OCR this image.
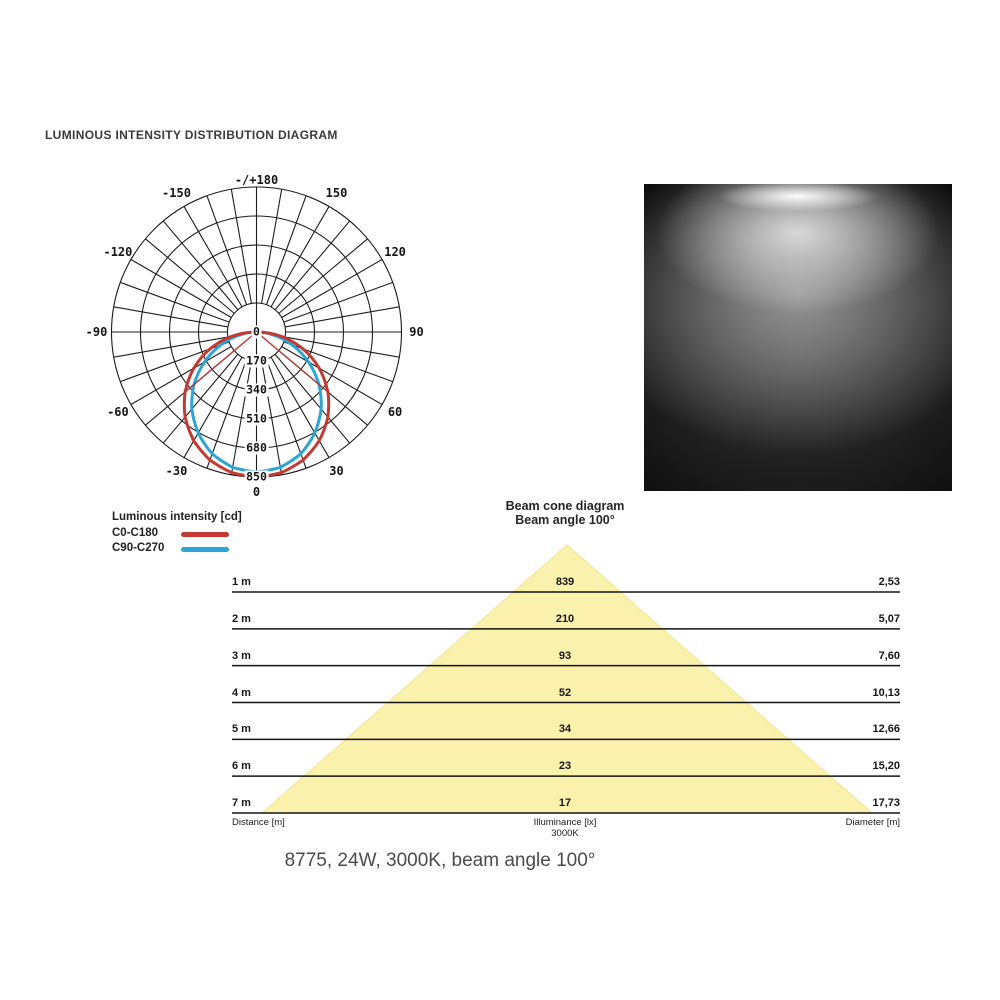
LUMINOUS INTENSITY DISTRIBUTION DIAGRAM
0
30
60
90
120
150
-/+180
-150
-120
-90
-60
-30
0
170
340
510
680
850
Luminous intensity [cd]
C0-C180
C90-C270
Beam cone diagram
Beam angle 100°
1 m	839	2,53
2 m	210	5,07
3 m	93	7,60
4 m	52	10,13
5 m	34	12,66
6 m	23	15,20
7 m	17	17,73
Distance [m]	Illuminance [lx]
3000K
Diameter [m]
8775, 24W, 3000K, beam angle 100°
